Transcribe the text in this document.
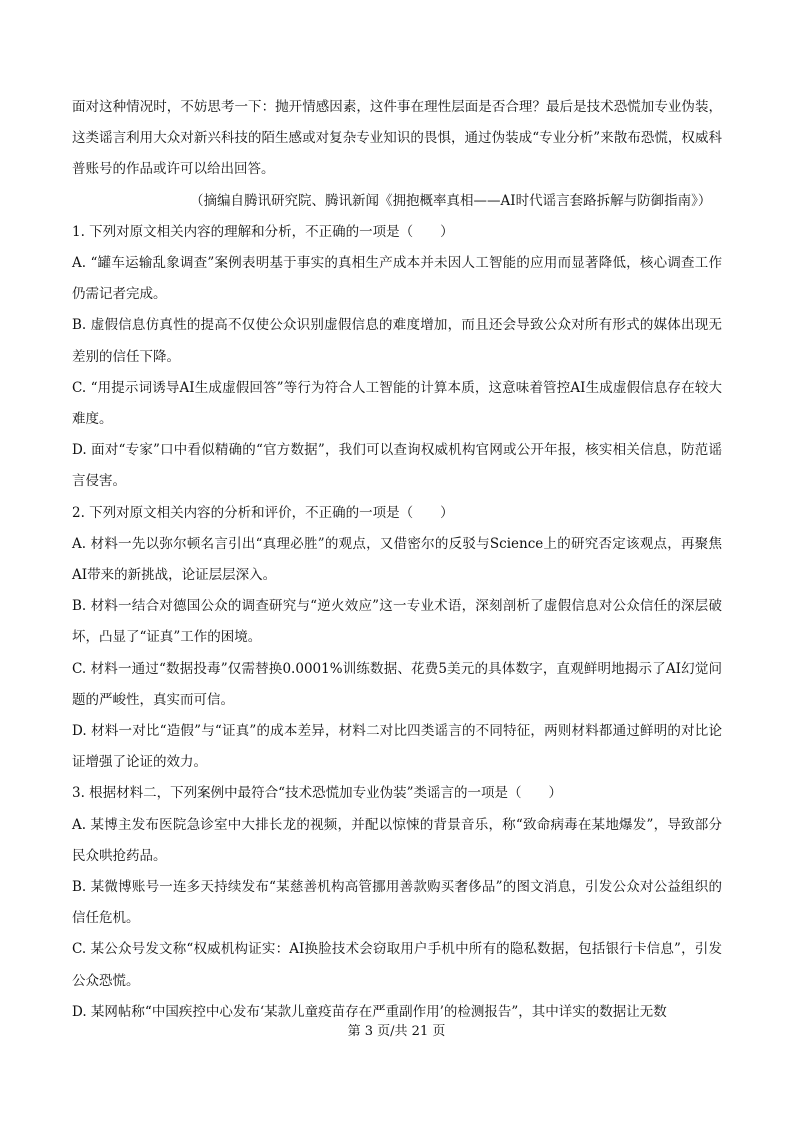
面对这种情况时，不妨思考一下：抛开情感因素，这件事在理性层面是否合理？最后是技术恐慌加专业伪装，这类谣言利用大众对新兴科技的陌生感或对复杂专业知识的畏惧，通过伪装成“专业分析”来散布恐慌，权威科普账号的作品或许可以给出回答。

（摘编自腾讯研究院、腾讯新闻《拥抱概率真相——AI时代谣言套路拆解与防御指南》）

1. 下列对原文相关内容的理解和分析，不正确的一项是（　　）

A. “罐车运输乱象调查”案例表明基于事实的真相生产成本并未因人工智能的应用而显著降低，核心调查工作仍需记者完成。

B. 虚假信息仿真性的提高不仅使公众识别虚假信息的难度增加，而且还会导致公众对所有形式的媒体出现无差别的信任下降。

C. “用提示词诱导AI生成虚假回答”等行为符合人工智能的计算本质，这意味着管控AI生成虚假信息存在较大难度。

D. 面对“专家”口中看似精确的“官方数据”，我们可以查询权威机构官网或公开年报，核实相关信息，防范谣言侵害。

2. 下列对原文相关内容的分析和评价，不正确的一项是（　　）

A. 材料一先以弥尔顿名言引出“真理必胜”的观点，又借密尔的反驳与Science上的研究否定该观点，再聚焦AI带来的新挑战，论证层层深入。

B. 材料一结合对德国公众的调查研究与“逆火效应”这一专业术语，深刻剖析了虚假信息对公众信任的深层破坏，凸显了“证真”工作的困境。

C. 材料一通过“数据投毒”仅需替换0.0001%训练数据、花费5美元的具体数字，直观鲜明地揭示了AI幻觉问题的严峻性，真实而可信。

D. 材料一对比“造假”与“证真”的成本差异，材料二对比四类谣言的不同特征，两则材料都通过鲜明的对比论证增强了论证的效力。

3. 根据材料二，下列案例中最符合“技术恐慌加专业伪装”类谣言的一项是（　　）

A. 某博主发布医院急诊室中大排长龙的视频，并配以惊悚的背景音乐，称“致命病毒在某地爆发”，导致部分民众哄抢药品。

B. 某微博账号一连多天持续发布“某慈善机构高管挪用善款购买奢侈品”的图文消息，引发公众对公益组织的信任危机。

C. 某公众号发文称“权威机构证实：AI换脸技术会窃取用户手机中所有的隐私数据，包括银行卡信息”，引发公众恐慌。

D. 某网帖称“中国疾控中心发布‘某款儿童疫苗存在严重副作用’的检测报告”，其中详实的数据让无数

第 3 页/共 21 页
